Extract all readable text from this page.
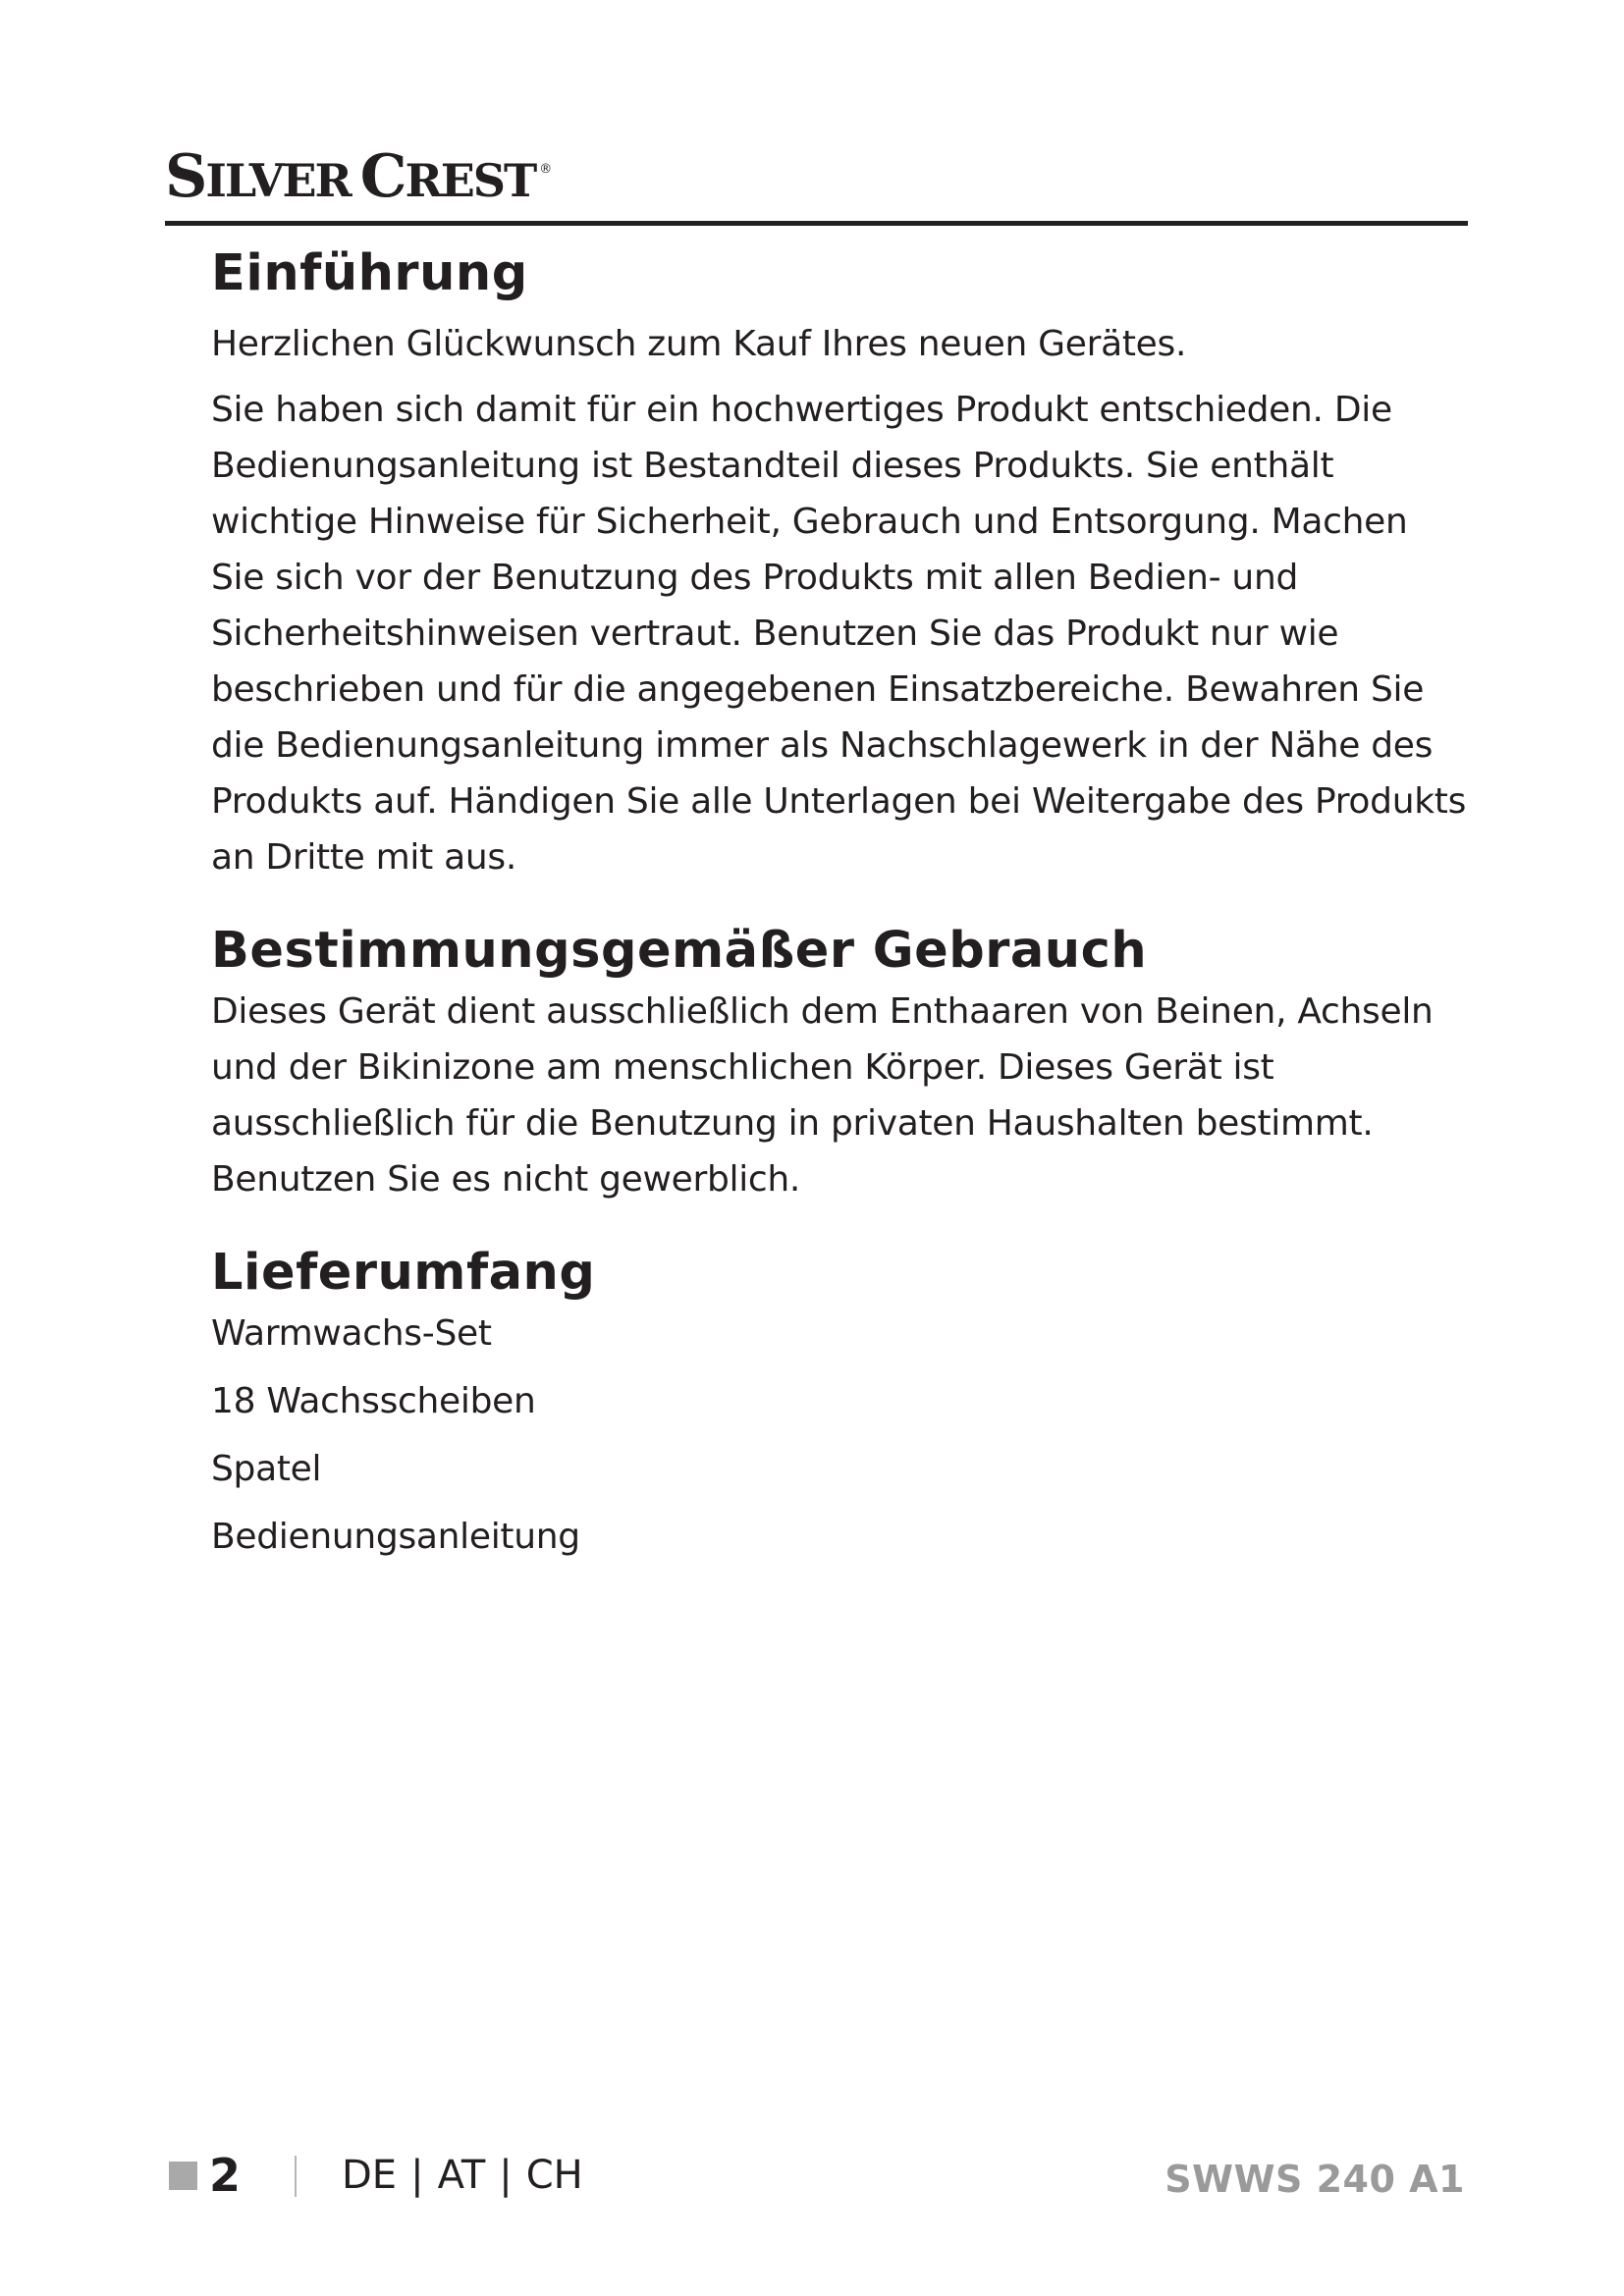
SILVER CREST ®
Einführung

Herzlichen Glückwunsch zum Kauf Ihres neuen Gerätes.

Sie haben sich damit für ein hochwertiges Produkt entschieden. Die Bedienungsanleitung ist Bestandteil dieses Produkts. Sie enthält wichtige Hinweise für Sicherheit, Gebrauch und Entsorgung. Machen Sie sich vor der Benutzung des Produkts mit allen Bedien- und Sicherheitshinweisen vertraut. Benutzen Sie das Produkt nur wie beschrieben und für die angegebenen Einsatzbereiche. Bewahren Sie die Bedienungsanleitung immer als Nachschlagewerk in der Nähe des Produkts auf. Händigen Sie alle Unterlagen bei Weitergabe des Produkts an Dritte mit aus.

Bestimmungsgemäßer Gebrauch

Dieses Gerät dient ausschließlich dem Enthaaren von Beinen, Achseln und der Bikinizone am menschlichen Körper. Dieses Gerät ist ausschließlich für die Benutzung in privaten Haushalten bestimmt. Benutzen Sie es nicht gewerblich.

Lieferumfang

Warmwachs-Set

18 Wachsscheiben

Spatel

Bedienungsanleitung

2	DE | AT | CH	SWWS 240 A1
